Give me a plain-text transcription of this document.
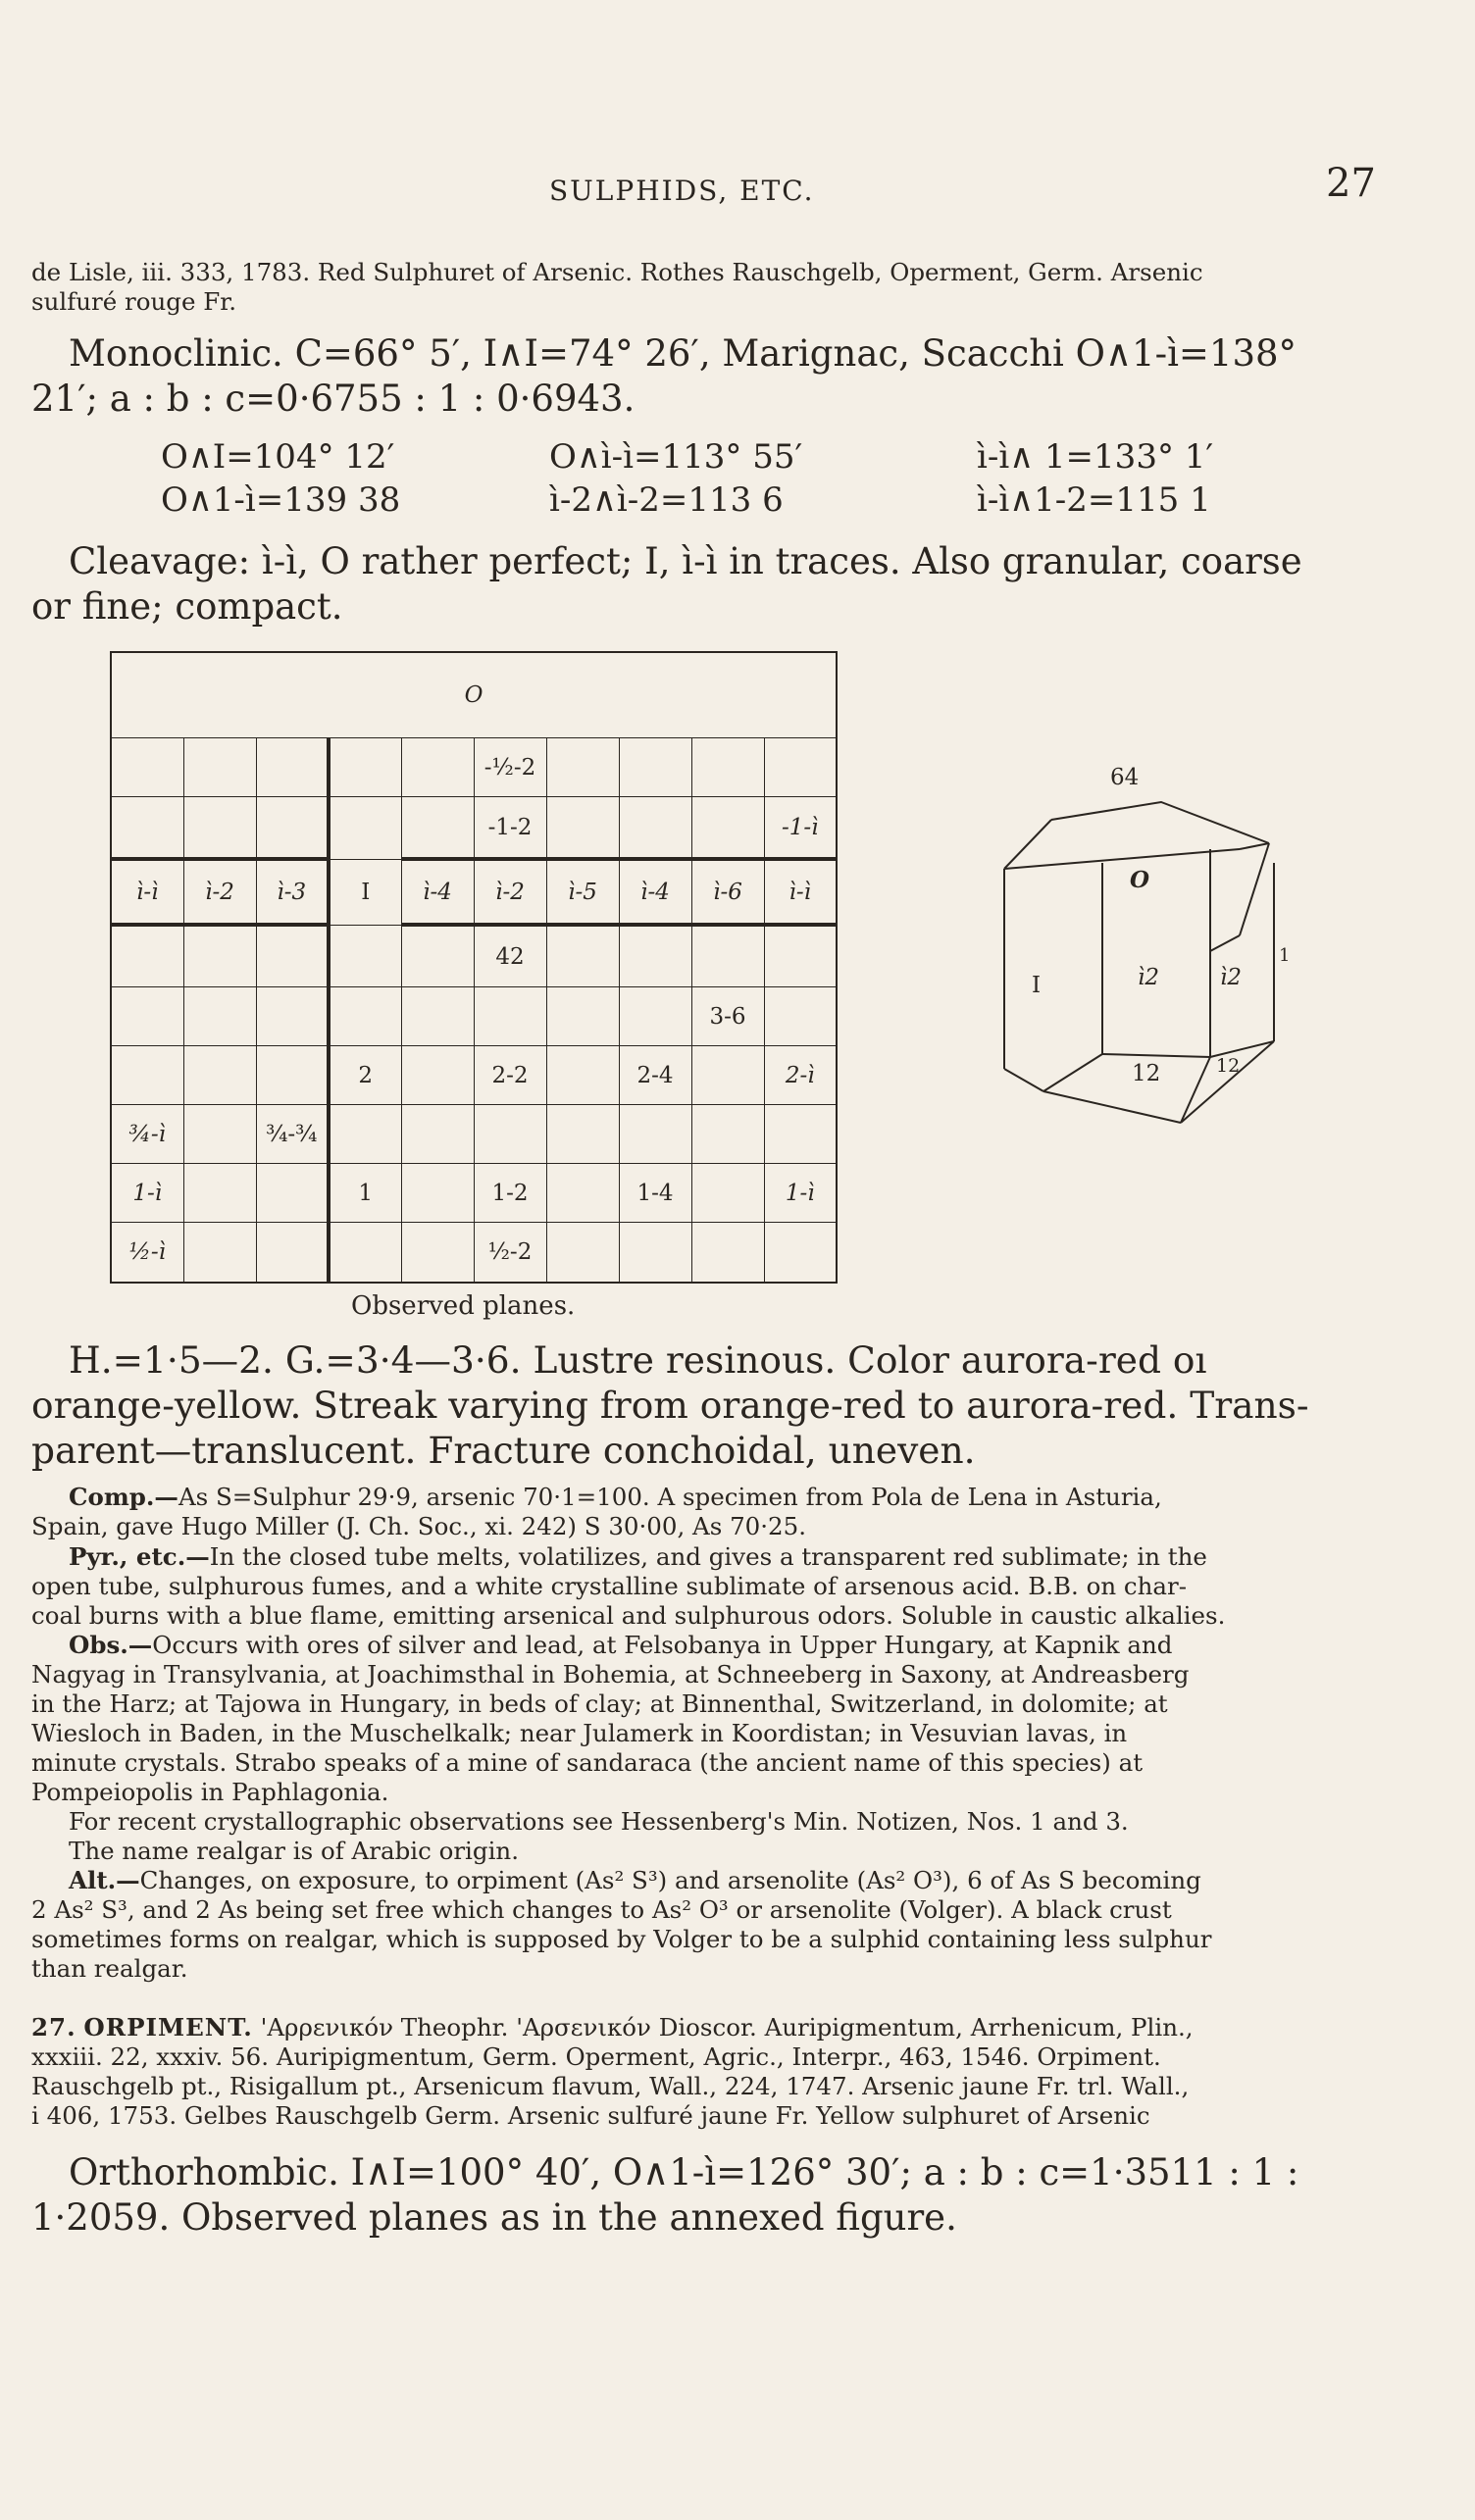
SULPHIDS, ETC.	27
de Lisle, iii. 333, 1783. Red Sulphuret of Arsenic. Rothes Rauschgelb, Operment, Germ. Arsenic
sulfuré rouge Fr.
Monoclinic. C=66° 5′, I∧I=74° 26′, Marignac, Scacchi O∧1-ì=138°
21′; a : b : c=0·6755 : 1 : 0·6943.
O∧I=104° 12′	O∧ì-ì=113° 55′	ì-ì∧ 1=133° 1′
O∧1-ì=139 38	ì-2∧ì-2=113 6	ì-ì∧1-2=115 1
Cleavage: ì-ì, O rather perfect; I, ì-ì in traces. Also granular, coarse
or fine; compact.
O									
					-½-2				
					-1-2				-1-ì
ì-ì	ì-2	ì-3	I	ì-4	ì-2	ì-5	ì-4	ì-6	ì-ì
					42				
								3-6	
			2		2-2		2-4		2-ì
¾-ì		¾-¾							
1-ì			1		1-2		1-4		1-ì
½-ì					½-2				
Observed planes.
64
O
I	ì2	ì2
1
12	12
H.=1·5—2. G.=3·4—3·6. Lustre resinous. Color aurora-red oı
orange-yellow. Streak varying from orange-red to aurora-red. Trans-
parent—translucent. Fracture conchoidal, uneven.
Comp.—As S=Sulphur 29·9, arsenic 70·1=100. A specimen from Pola de Lena in Asturia,
Spain, gave Hugo Miller (J. Ch. Soc., xi. 242) S 30·00, As 70·25.
Pyr., etc.—In the closed tube melts, volatilizes, and gives a transparent red sublimate; in the
open tube, sulphurous fumes, and a white crystalline sublimate of arsenous acid. B.B. on char-
coal burns with a blue flame, emitting arsenical and sulphurous odors. Soluble in caustic alkalies.
Obs.—Occurs with ores of silver and lead, at Felsobanya in Upper Hungary, at Kapnik and
Nagyag in Transylvania, at Joachimsthal in Bohemia, at Schneeberg in Saxony, at Andreasberg
in the Harz; at Tajowa in Hungary, in beds of clay; at Binnenthal, Switzerland, in dolomite; at
Wiesloch in Baden, in the Muschelkalk; near Julamerk in Koordistan; in Vesuvian lavas, in
minute crystals. Strabo speaks of a mine of sandaraca (the ancient name of this species) at
Pompeiopolis in Paphlagonia.
For recent crystallographic observations see Hessenberg's Min. Notizen, Nos. 1 and 3.
The name realgar is of Arabic origin.
Alt.—Changes, on exposure, to orpiment (As² S³) and arsenolite (As² O³), 6 of As S becoming
2 As² S³, and 2 As being set free which changes to As² O³ or arsenolite (Volger). A black crust
sometimes forms on realgar, which is supposed by Volger to be a sulphid containing less sulphur
than realgar.
27. ORPIMENT. 'Αρρενικόν Theophr. 'Αρσενικόν Dioscor. Auripigmentum, Arrhenicum, Plin.,
xxxiii. 22, xxxiv. 56. Auripigmentum, Germ. Operment, Agric., Interpr., 463, 1546. Orpiment.
Rauschgelb pt., Risigallum pt., Arsenicum flavum, Wall., 224, 1747. Arsenic jaune Fr. trl. Wall.,
i 406, 1753. Gelbes Rauschgelb Germ. Arsenic sulfuré jaune Fr. Yellow sulphuret of Arsenic
Orthorhombic. I∧I=100° 40′, O∧1-ì=126° 30′; a : b : c=1·3511 : 1 :
1·2059. Observed planes as in the annexed figure.
